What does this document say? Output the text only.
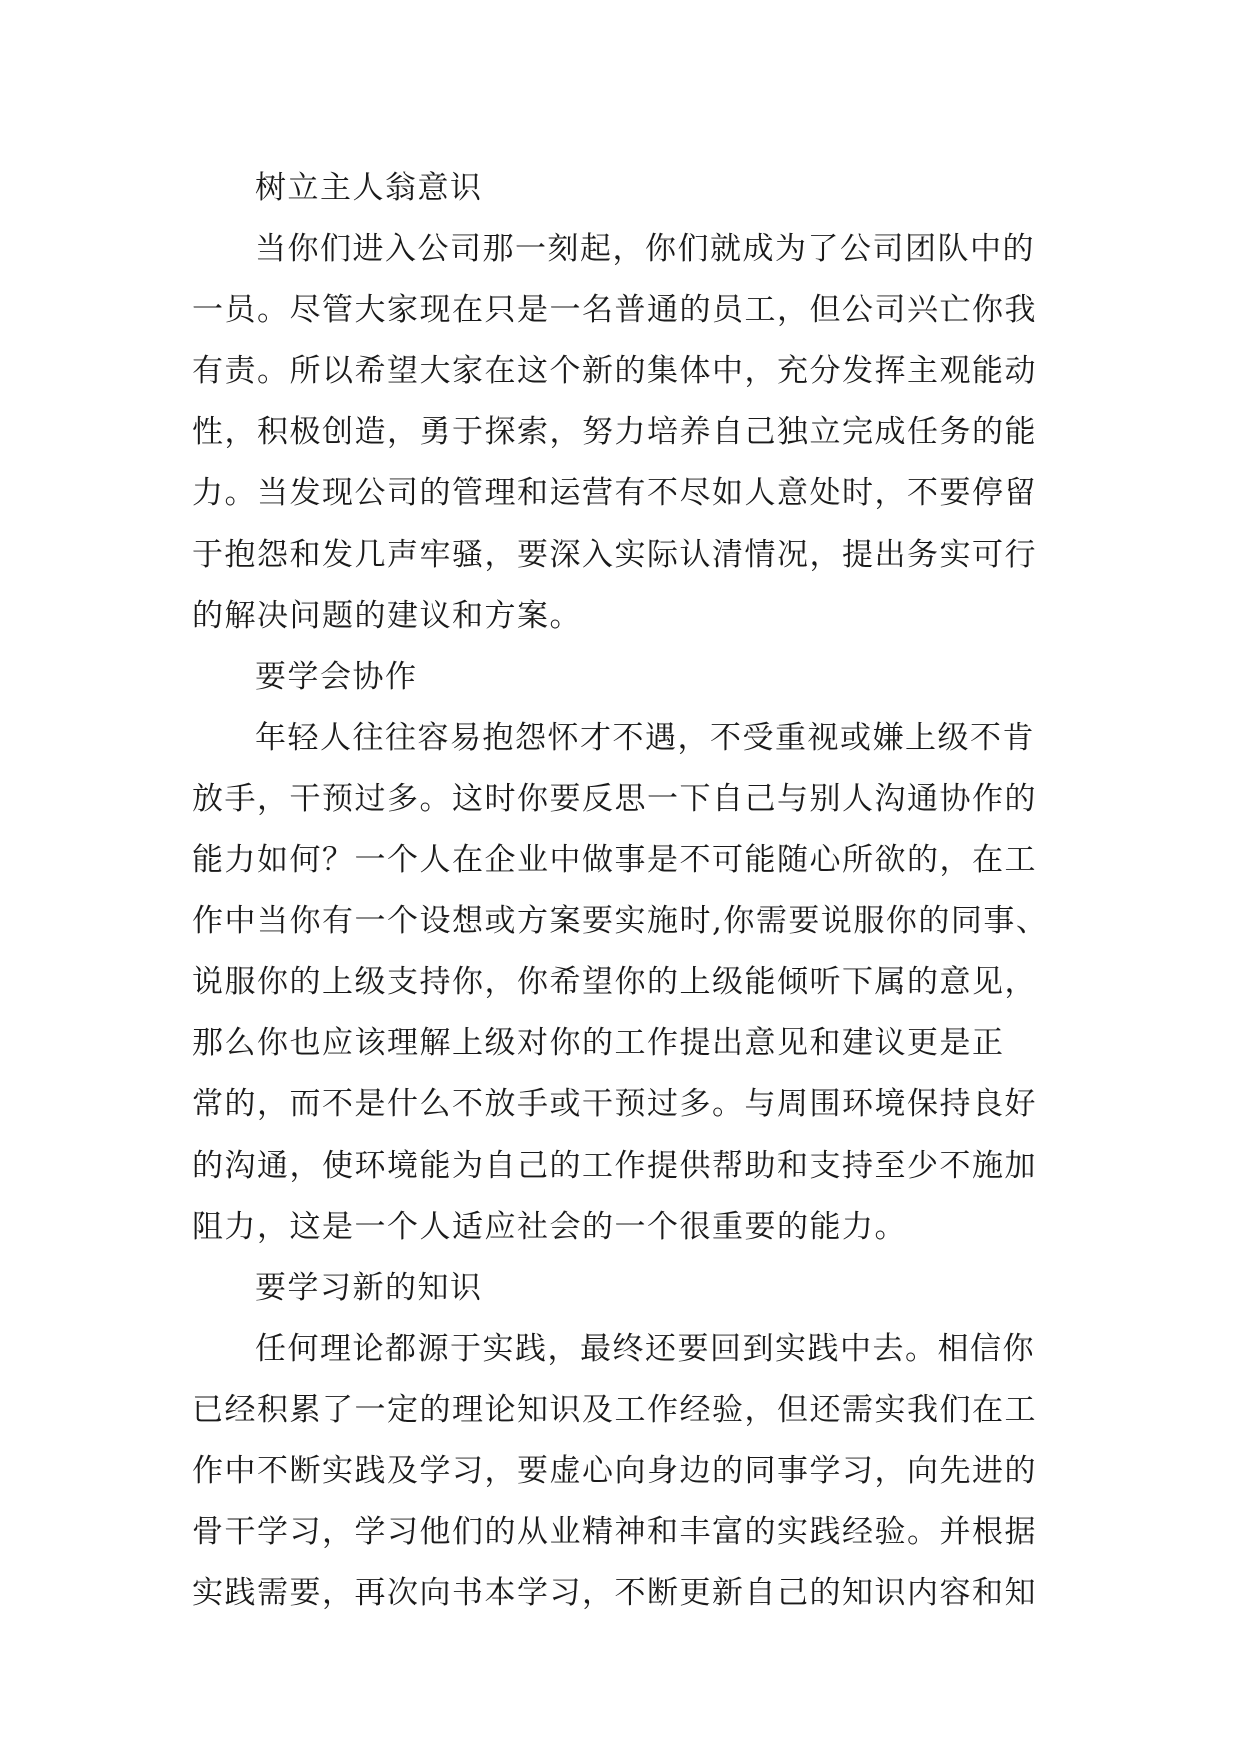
树立主人翁意识
当你们进入公司那一刻起，你们就成为了公司团队中的
一员。尽管大家现在只是一名普通的员工，但公司兴亡你我
有责。所以希望大家在这个新的集体中，充分发挥主观能动
性，积极创造，勇于探索，努力培养自己独立完成任务的能
力。当发现公司的管理和运营有不尽如人意处时，不要停留
于抱怨和发几声牢骚，要深入实际认清情况，提出务实可行
的解决问题的建议和方案。
要学会协作
年轻人往往容易抱怨怀才不遇，不受重视或嫌上级不肯
放手，干预过多。这时你要反思一下自己与别人沟通协作的
能力如何？一个人在企业中做事是不可能随心所欲的，在工
作中当你有一个设想或方案要实施时,你需要说服你的同事、
说服你的上级支持你，你希望你的上级能倾听下属的意见，
那么你也应该理解上级对你的工作提出意见和建议更是正
常的，而不是什么不放手或干预过多。与周围环境保持良好
的沟通，使环境能为自己的工作提供帮助和支持至少不施加
阻力，这是一个人适应社会的一个很重要的能力。
要学习新的知识
任何理论都源于实践，最终还要回到实践中去。相信你
已经积累了一定的理论知识及工作经验，但还需实我们在工
作中不断实践及学习，要虚心向身边的同事学习，向先进的
骨干学习，学习他们的从业精神和丰富的实践经验。并根据
实践需要，再次向书本学习，不断更新自己的知识内容和知
